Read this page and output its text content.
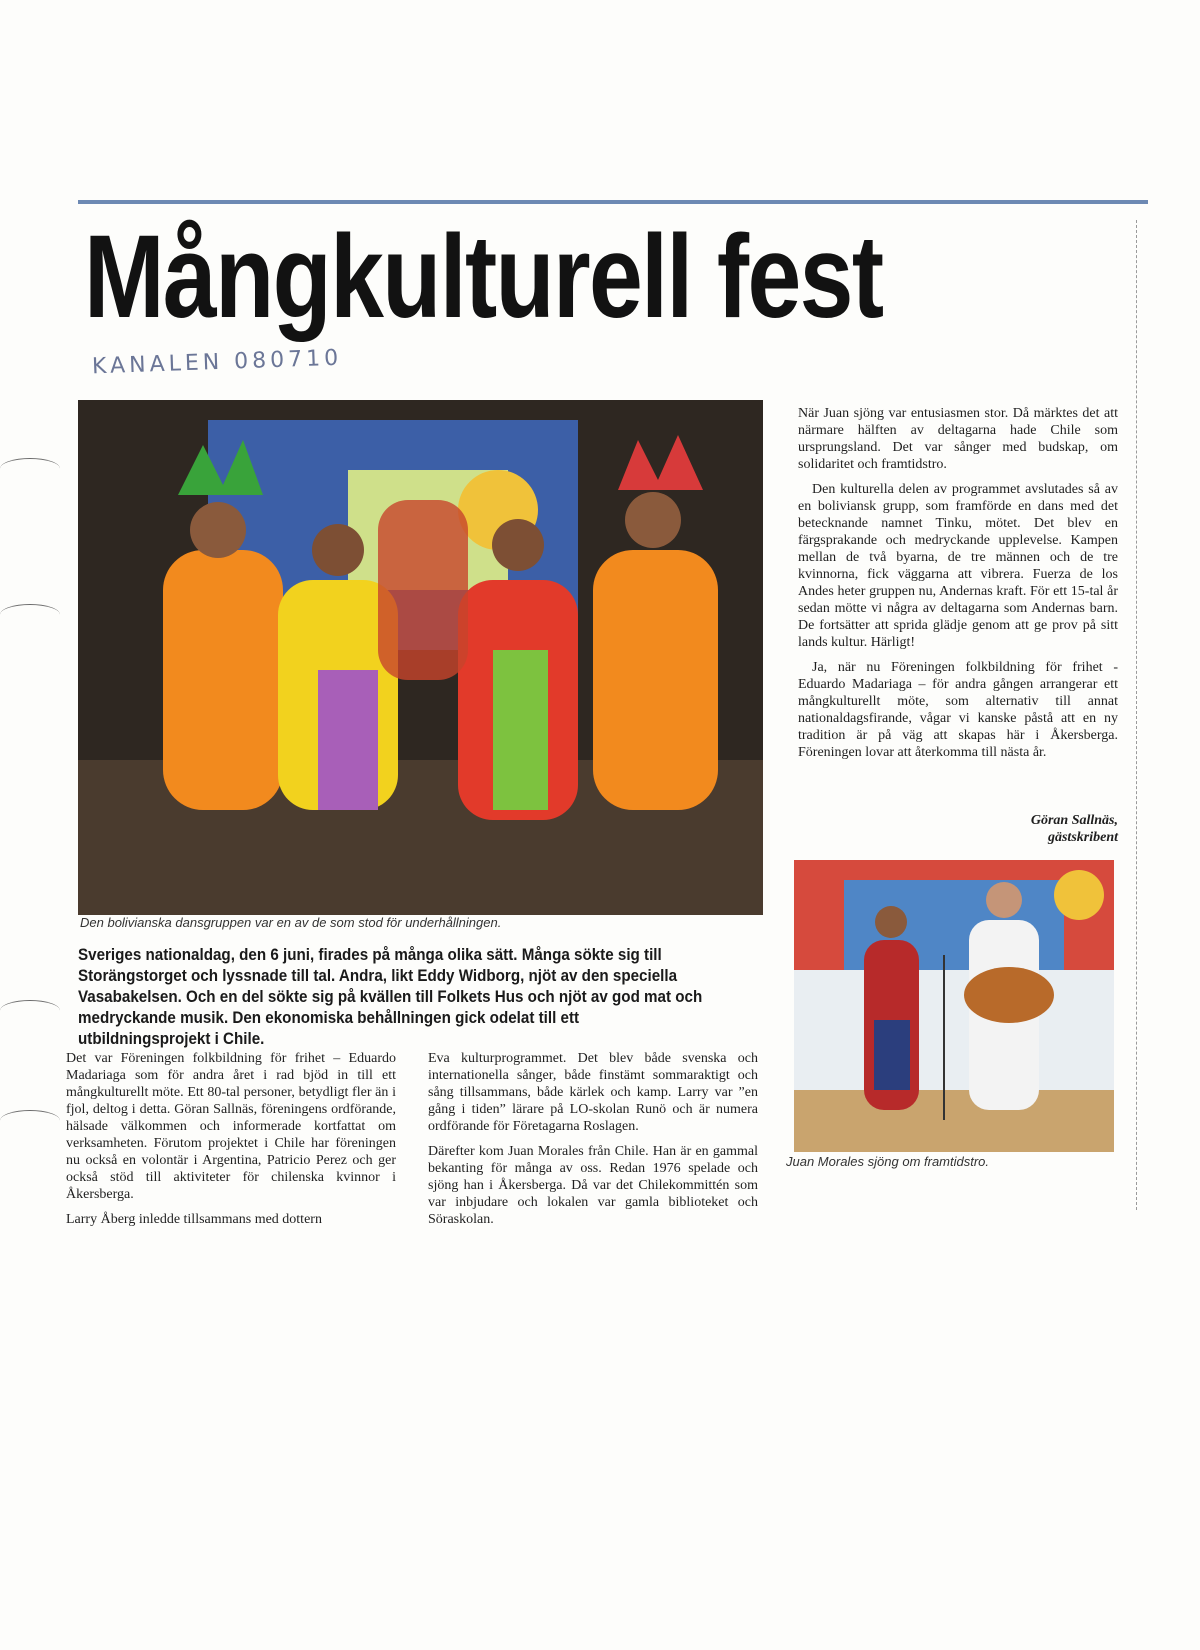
Mångkulturell fest
KANALEN 080710
Den bolivianska dansgruppen var en av de som stod för underhållningen.

Sveriges nationaldag, den 6 juni, firades på många olika sätt. Många sökte sig till Storängstorget och lyssnade till tal. Andra, likt Eddy Widborg, njöt av den speciella Vasabakelsen. Och en del sökte sig på kvällen till Folkets Hus och njöt av god mat och medryckande musik. Den ekonomiska behållningen gick odelat till ett utbildningsprojekt i Chile.

Det var Föreningen folkbildning för frihet – Eduardo Madariaga som för andra året i rad bjöd in till ett mångkulturellt möte. Ett 80-tal personer, betydligt fler än i fjol, deltog i detta. Göran Sallnäs, föreningens ordförande, hälsade välkommen och informerade kortfattat om verksamheten. Förutom projektet i Chile har föreningen nu också en volontär i Argentina, Patricio Perez och ger också stöd till aktiviteter för chilenska kvinnor i Åkersberga.

Larry Åberg inledde tillsammans med dottern

Eva kulturprogrammet. Det blev både svenska och internationella sånger, både finstämt sommaraktigt och sång tillsammans, både kärlek och kamp. Larry var ”en gång i tiden” lärare på LO-skolan Runö och är numera ordförande för Företagarna Roslagen.

Därefter kom Juan Morales från Chile. Han är en gammal bekanting för många av oss. Redan 1976 spelade och sjöng han i Åkersberga. Då var det Chilekommittén som var inbjudare och lokalen var gamla biblioteket och Söraskolan.

När Juan sjöng var entusiasmen stor. Då märktes det att närmare hälften av deltagarna hade Chile som ursprungsland. Det var sånger med budskap, om solidaritet och framtidstro.

Den kulturella delen av programmet avslutades så av en boliviansk grupp, som framförde en dans med det betecknande namnet Tinku, mötet. Det blev en färgsprakande och medryckande upplevelse. Kampen mellan de två byarna, de tre männen och de tre kvinnorna, fick väggarna att vibrera. Fuerza de los Andes heter gruppen nu, Andernas kraft. För ett 15-tal år sedan mötte vi några av deltagarna som Andernas barn. De fortsätter att sprida glädje genom att ge prov på sitt lands kultur. Härligt!

Ja, när nu Föreningen folkbildning för frihet - Eduardo Madariaga – för andra gången arrangerar ett mångkulturellt möte, som alternativ till annat nationaldagsfirande, vågar vi kanske påstå att en ny tradition är på väg att skapas här i Åkersberga. Föreningen lovar att återkomma till nästa år.

Göran Sallnäs,
gästskribent
Juan Morales sjöng om framtidstro.
